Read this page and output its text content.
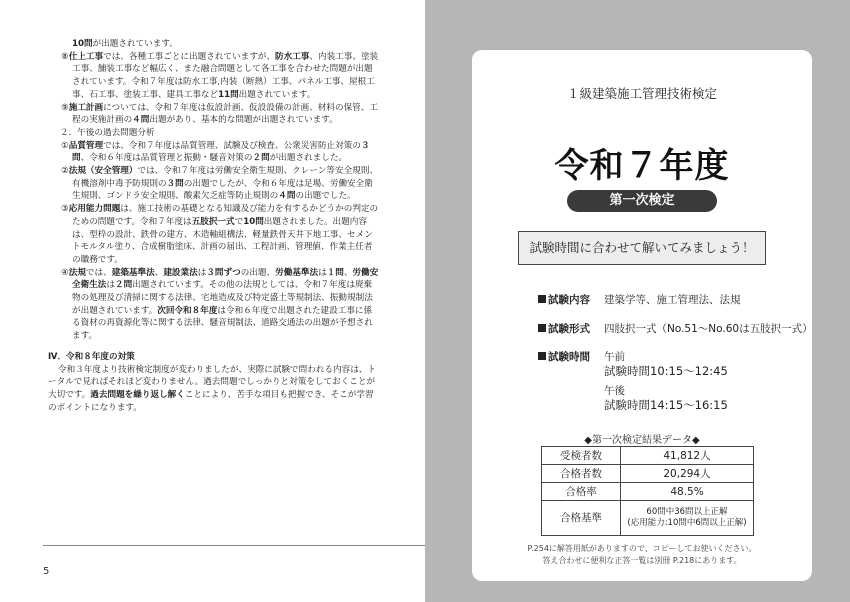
10問が出題されています。

⑧仕上工事では、各種工事ごとに出題されていますが、防水工事、内装工事、塗装工事、舗装工事など幅広く、また融合問題として各工事を合わせた問題が出題されています。令和７年度は防水工事,内装（断熱）工事、パネル工事、屋根工事、石工事、塗装工事、建具工事など11問出題されています。

⑨施工計画については、令和７年度は仮設計画、仮設設備の計画、材料の保管、工程の実施計画の４問出題があり、基本的な問題が出題されています。

２．午後の過去問題分析

①品質管理では、令和７年度は品質管理、試験及び検査、公衆災害防止対策の３問、令和６年度は品質管理と振動・騒音対策の２問が出題されました。

②法規（安全管理）では、令和７年度は労働安全衛生規則、クレーン等安全規則、有機溶剤中毒予防規則の３問の出題でしたが、令和６年度は足場、労働安全衛生規則、ゴンドラ安全規則、酸素欠乏症等防止規則の４問の出題でした。

③応用能力問題は、施工技術の基礎となる知識及び能力を有するかどうかの判定のための問題です。令和７年度は五肢択一式で10問出題されました。出題内容は、型枠の設計、鉄骨の建方、木造軸組構法、軽量鉄骨天井下地工事、セメントモルタル塗り、合成樹脂塗床、計画の届出、工程計画、管理値、作業主任者の職務です。

④法規では、建築基準法、建設業法は３問ずつの出題、労働基準法は１問、労働安全衛生法は２問出題されています。その他の法規としては、令和７年度は廃棄物の処理及び清掃に関する法律、宅地造成及び特定盛土等規制法、振動規制法が出題されています。次回令和８年度は令和６年度で出題された建設工事に係る資材の再資源化等に関する法律、騒音規制法、道路交通法の出題が予想されます。

Ⅳ．令和８年度の対策

令和３年度より技術検定制度が変わりましたが、実際に試験で問われる内容は、トータルで見ればそれほど変わりません。過去問題でしっかりと対策をしておくことが大切です。過去問題を繰り返し解くことにより、苦手な項目も把握でき、そこが学習のポイントになります。

5
１級建築施工管理技術検定
令和７年度
第一次検定
試験時間に合わせて解いてみましょう！
試験内容 建築学等、施工管理法、法規
試験形式 四肢択一式（No.51～No.60は五肢択一式）
試験時間 午前
試験時間10:15～12:45
午後
試験時間14:15～16:15
◆第一次検定結果データ◆
受検者数	41,812人
合格者数	20,294人
合格率	48.5%
合格基準	60問中36問以上正解
(応用能力:10問中6問以上正解)
P.254に解答用紙がありますので、コピーしてお使いください。
答え合わせに便利な正答一覧は別冊 P.218にあります。
